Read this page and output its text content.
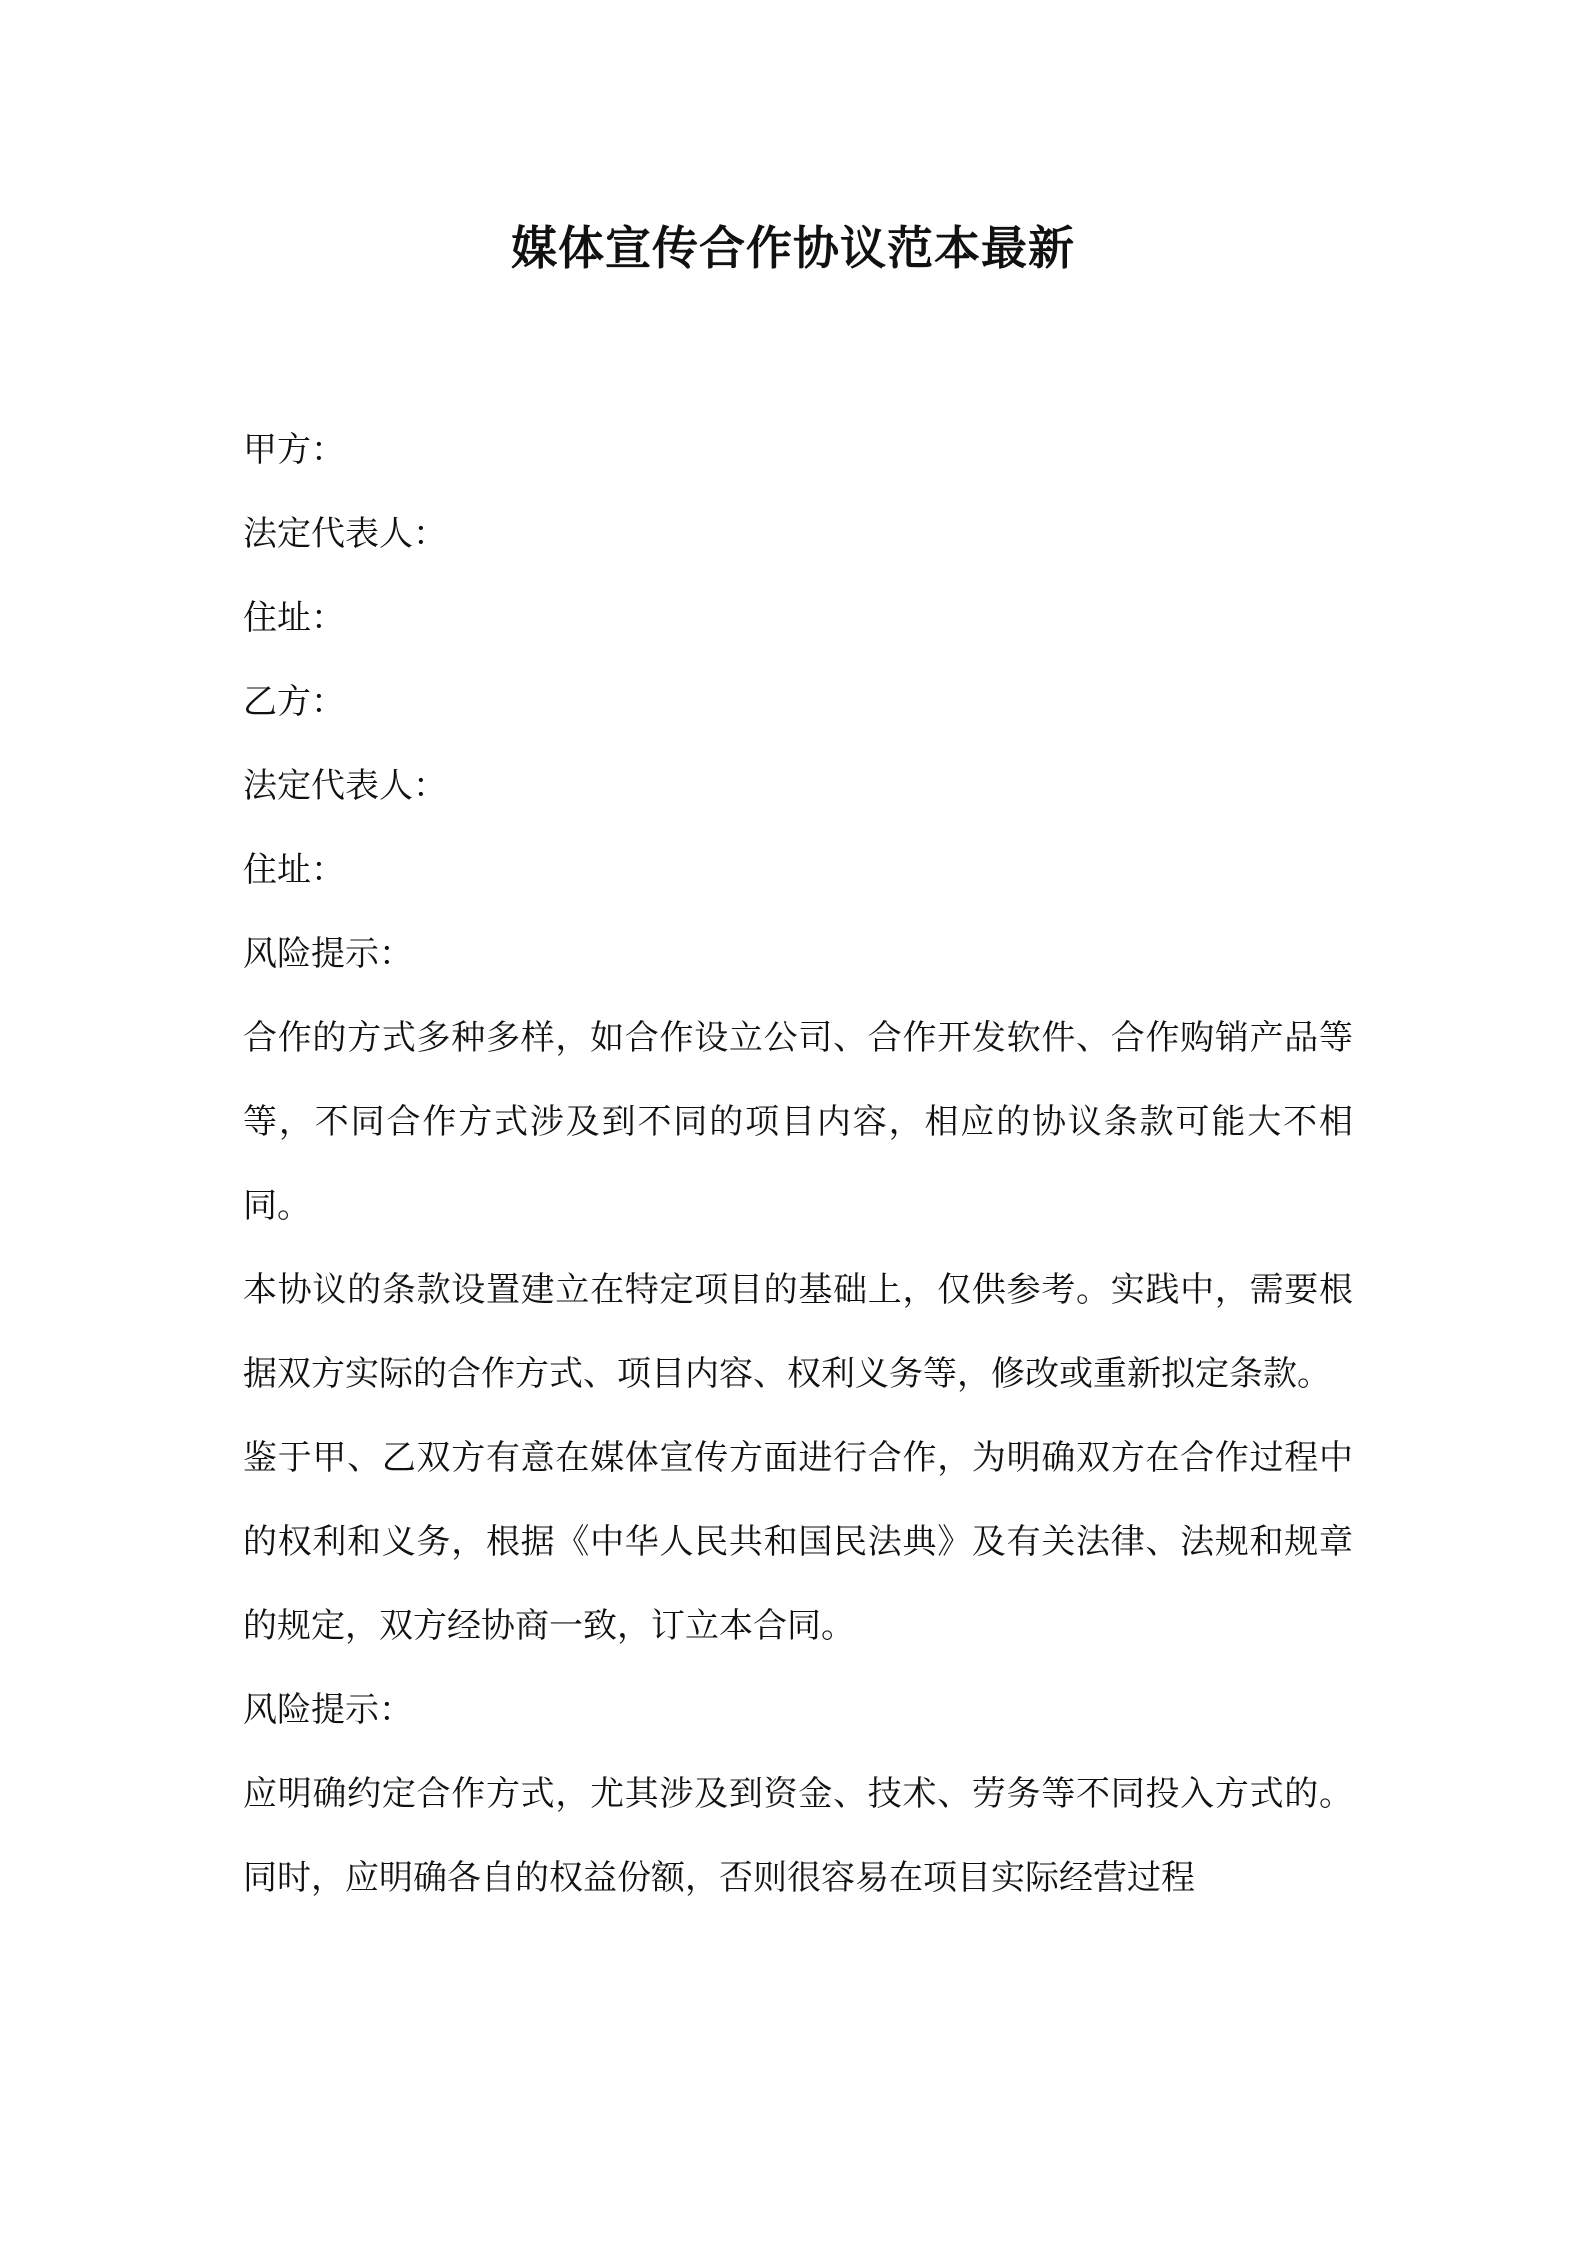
媒体宣传合作协议范本最新

甲方：

法定代表人：

住址：

乙方：

法定代表人：

住址：

风险提示：

合作的方式多种多样，如合作设立公司、合作开发软件、合作购销产品等等，不同合作方式涉及到不同的项目内容，相应的协议条款可能大不相同。

本协议的条款设置建立在特定项目的基础上，仅供参考。实践中，需要根据双方实际的合作方式、项目内容、权利义务等，修改或重新拟定条款。

鉴于甲、乙双方有意在媒体宣传方面进行合作，为明确双方在合作过程中的权利和义务，根据《中华人民共和国民法典》及有关法律、法规和规章的规定，双方经协商一致，订立本合同。

风险提示：

应明确约定合作方式，尤其涉及到资金、技术、劳务等不同投入方式的。同时，应明确各自的权益份额，否则很容易在项目实际经营过程
